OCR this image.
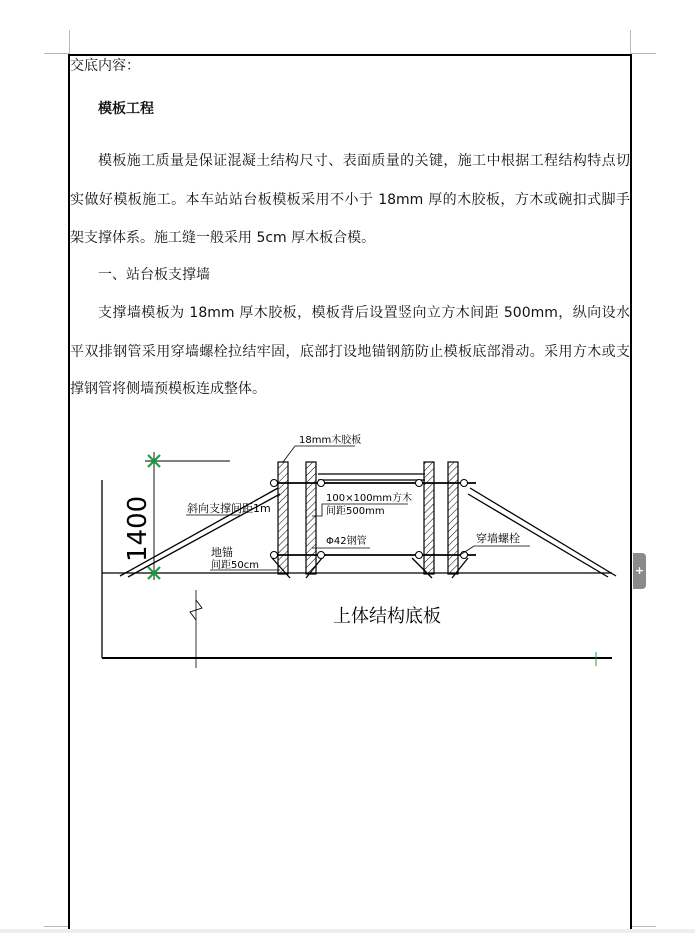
交底内容：
模板工程
模板施工质量是保证混凝土结构尺寸、表面质量的关键，施工中根据工程结构特点切
实做好模板施工。本车站站台板模板采用不小于 18mm 厚的木胶板，方木或碗扣式脚手
架支撑体系。施工缝一般采用 5cm 厚木板合模。
一、站台板支撑墙
支撑墙模板为 18mm 厚木胶板，模板背后设置竖向立方木间距 500mm，纵向设水
平双排钢管采用穿墙螺栓拉结牢固，底部打设地锚钢筋防止模板底部滑动。采用方木或支
撑钢管将侧墙预模板连成整体。
1400
18mm木胶板
斜向支撑间距1m
100×100mm方木
间距500mm
Φ42钢管
地锚
间距50cm
穿墙螺栓
上体结构底板
+
